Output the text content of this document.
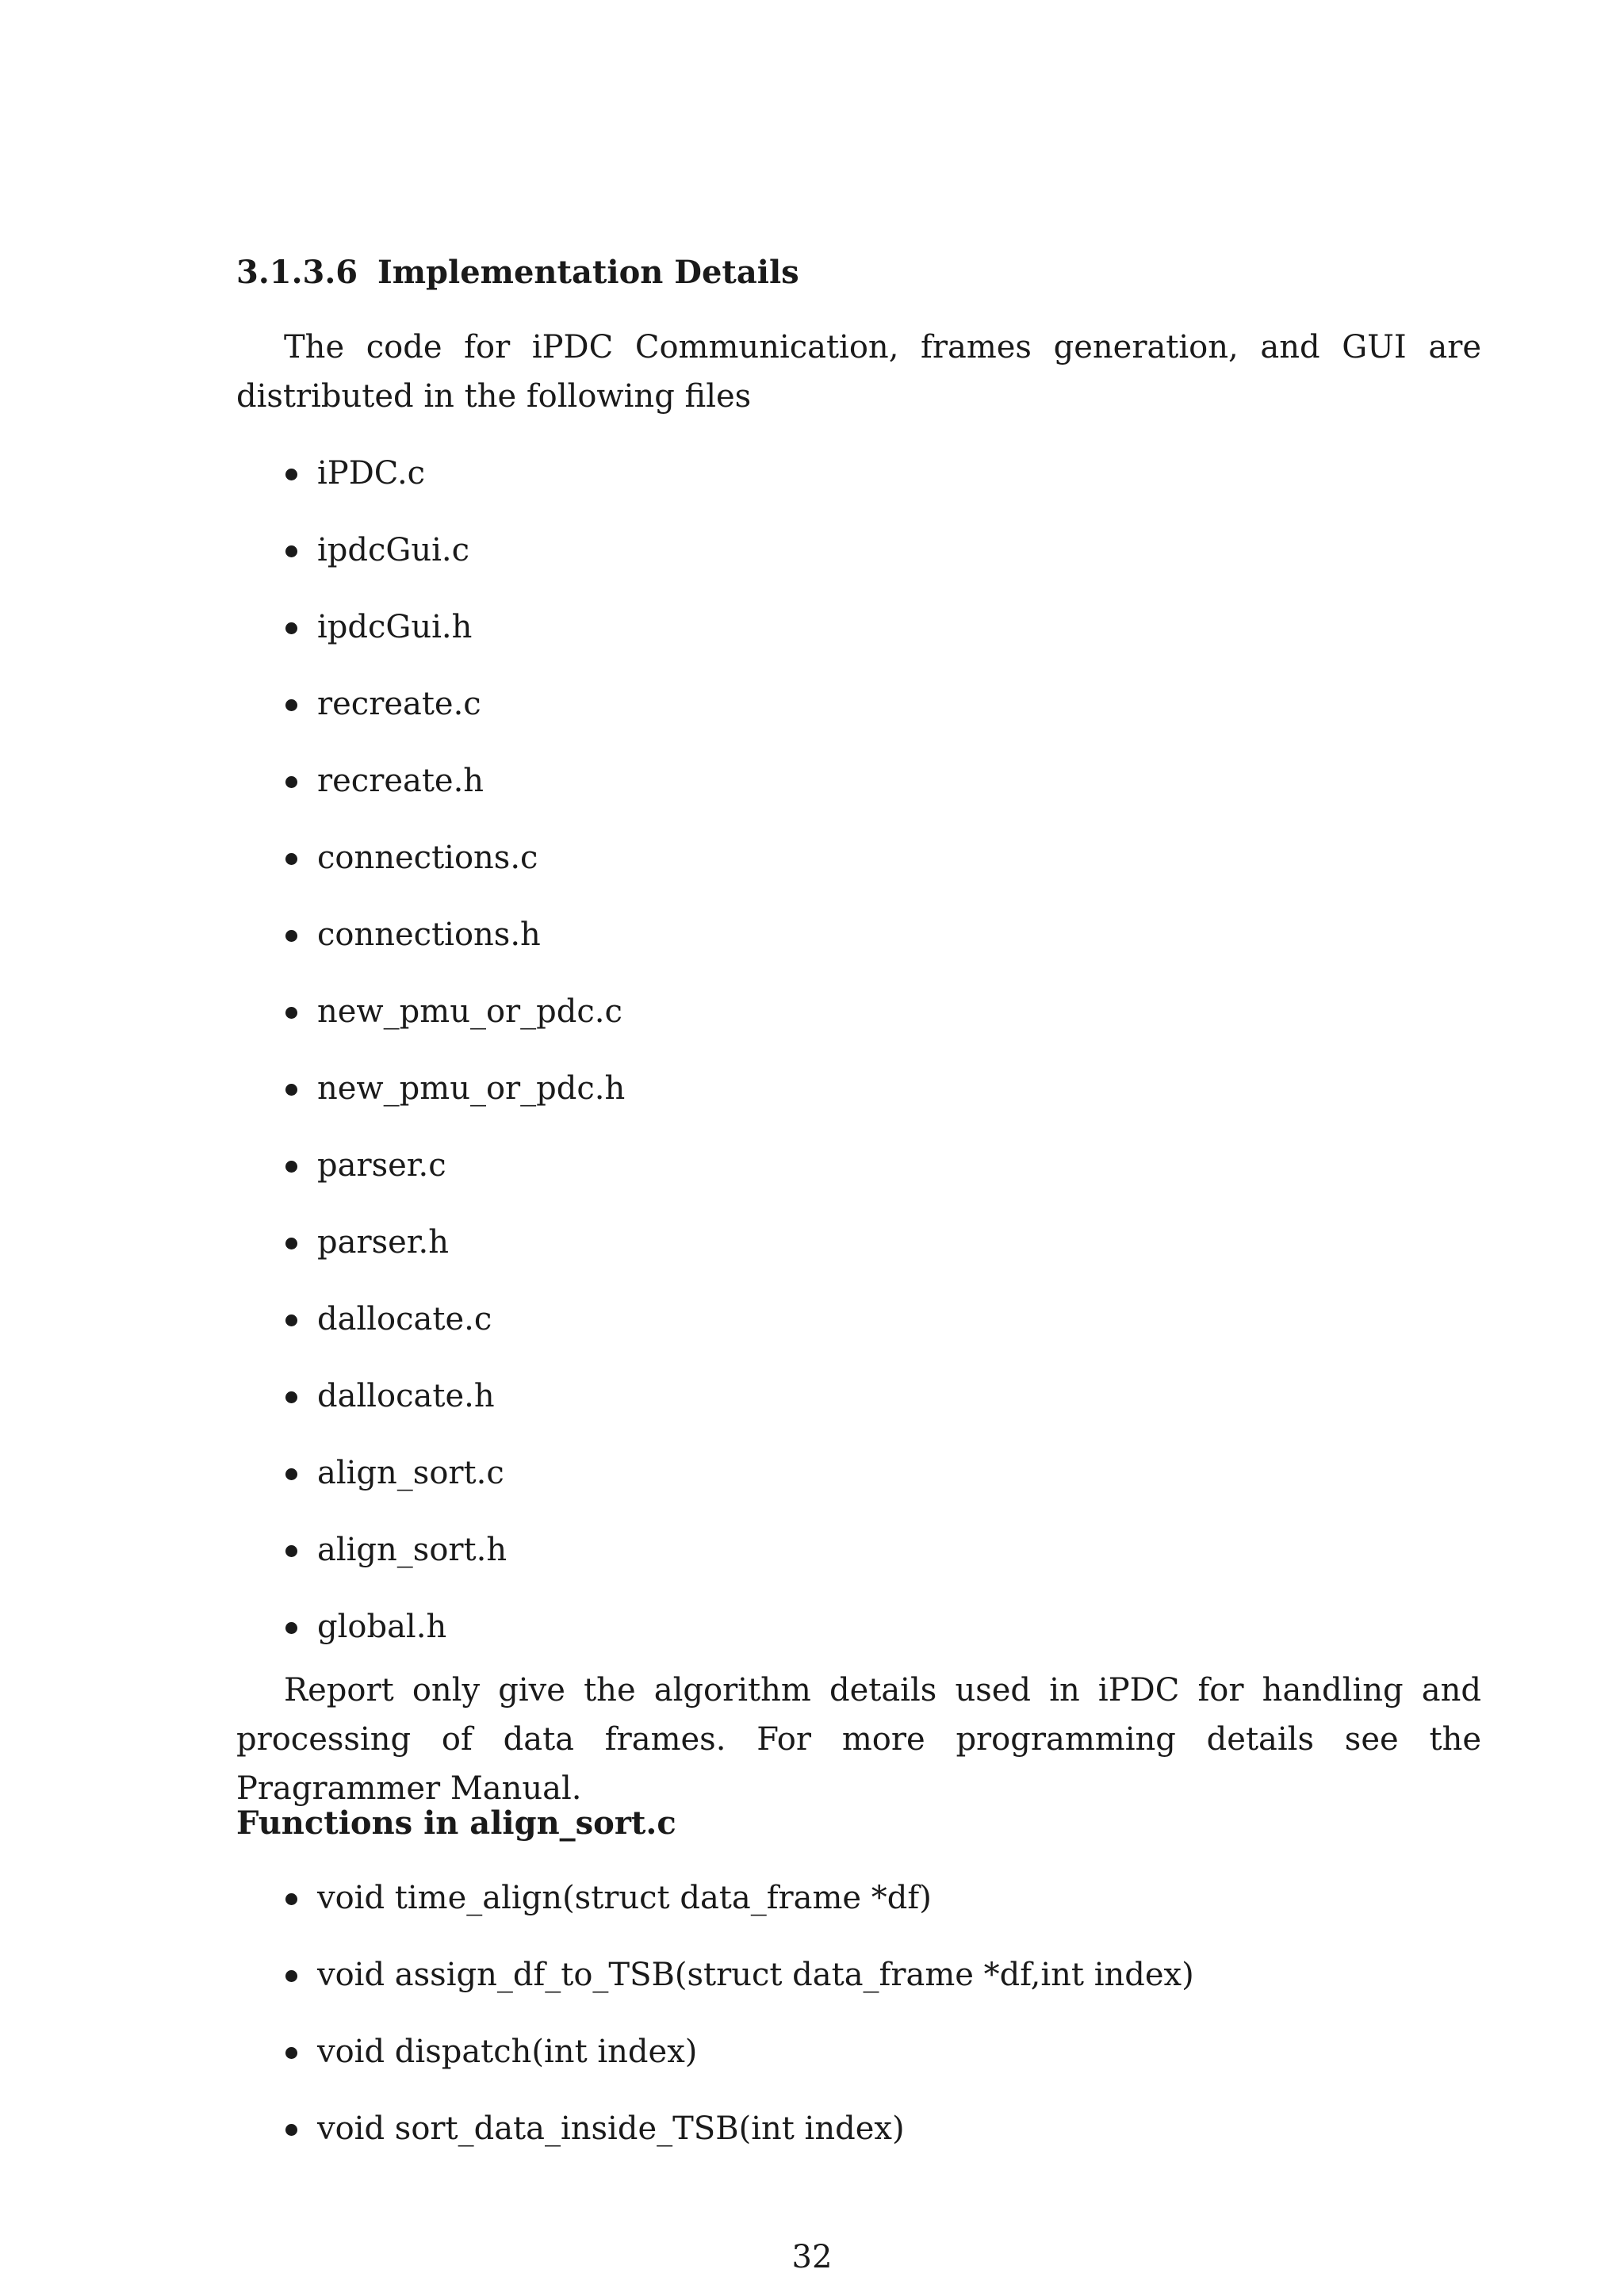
3.1.3.6 Implementation Details

The code for iPDC Communication, frames generation, and GUI are distributed in the following files

iPDC.c
ipdcGui.c
ipdcGui.h
recreate.c
recreate.h
connections.c
connections.h
new_pmu_or_pdc.c
new_pmu_or_pdc.h
parser.c
parser.h
dallocate.c
dallocate.h
align_sort.c
align_sort.h
global.h

Report only give the algorithm details used in iPDC for handling and processing of data frames. For more programming details see the Pragrammer Manual.

Functions in align_sort.c
void time_align(struct data_frame *df)
void assign_df_to_TSB(struct data_frame *df,int index)
void dispatch(int index)
void sort_data_inside_TSB(int index)
32
